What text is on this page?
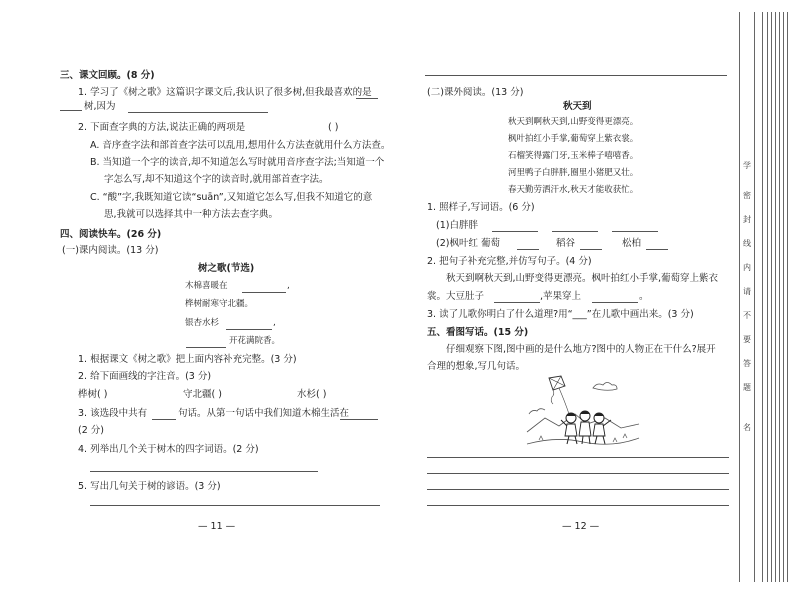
三、课文回顾。(8 分)
1. 学习了《树之歌》这篇识字课文后,我认识了很多树,但我最喜欢的是
树,因为
2. 下面查字典的方法,说法正确的两项是	( )
A. 音序查字法和部首查字法可以乱用,想用什么方法查就用什么方法查。
B. 当知道一个字的读音,却不知道怎么写时就用音序查字法;当知道一个
字怎么写,却不知道这个字的读音时,就用部首查字法。
C. “酸”字,我既知道它读“suān”,又知道它怎么写,但我不知道它的意
思,我就可以选择其中一种方法去查字典。
四、阅读快车。(26 分)
(一)课内阅读。(13 分)
树之歌(节选)
木棉喜暖在	,
桦树耐寒守北疆。
银杏水杉	,
开花满院香。
1. 根据课文《树之歌》把上面内容补充完整。(3 分)
2. 给下面画线的字注音。(3 分)
桦树( )	守北疆( )	水杉( )
3. 该选段中共有	句话。从第一句话中我们知道木棉生活在
(2 分)
4. 列举出几个关于树木的四字词语。(2 分)
5. 写出几句关于树的谚语。(3 分)
— 11 —
(二)课外阅读。(13 分)
秋天到
秋天到啊秋天到,山野变得更漂亮。
枫叶拍红小手掌,葡萄穿上紫衣裳。
石榴笑得露门牙,玉米棒子嘻嘻香。
河里鸭子白胖胖,圈里小猪肥又壮。
春天勤劳洒汗水,秋天才能收获忙。
1. 照样子,写词语。(6 分)
(1)白胖胖
(2)枫叶红 葡萄	稻谷	松柏
2. 把句子补充完整,并仿写句子。(4 分)
秋天到啊秋天到,山野变得更漂亮。枫叶拍红小手掌,葡萄穿上紫衣
裳。大豆肚子	,苹果穿上	。
3. 读了儿歌你明白了什么道理?用“___”在儿歌中画出来。(3 分)
五、看图写话。(15 分)
仔细观察下图,图中画的是什么地方?图中的人物正在干什么?展开
合理的想象,写几句话。
— 12 —
学
密
封
线
内
请
不
要
答
题
名
